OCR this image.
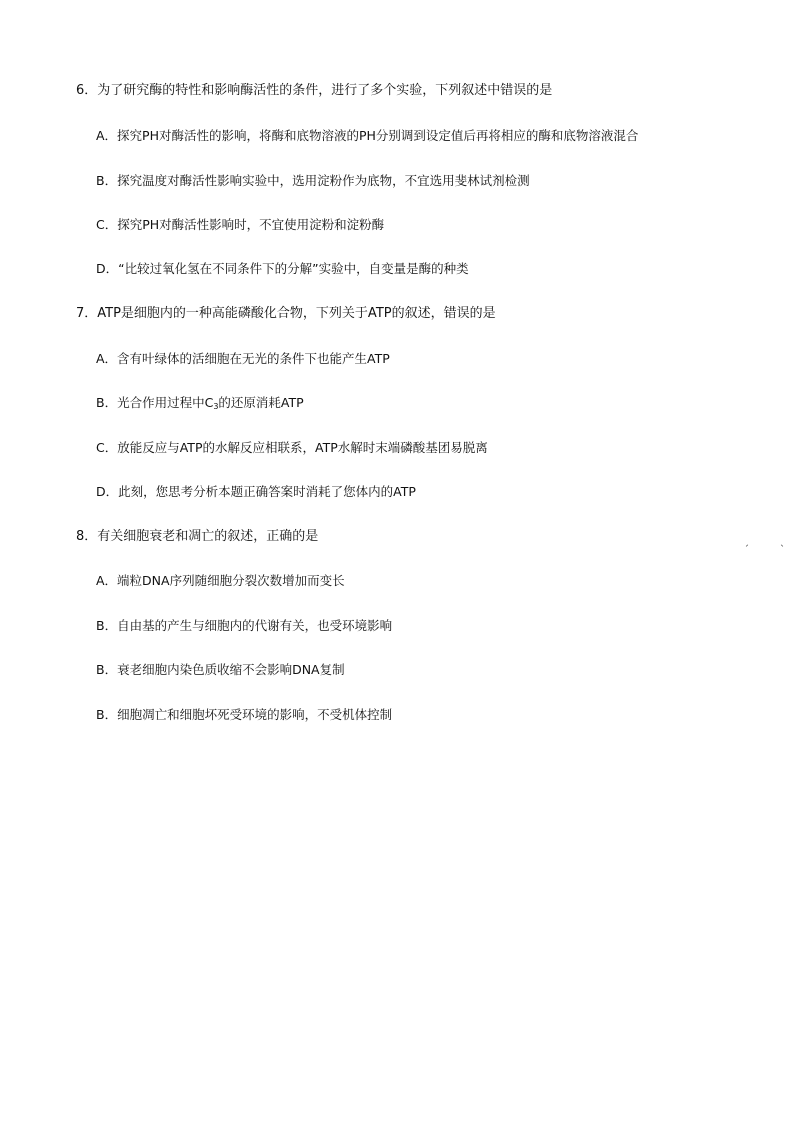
6．为了研究酶的特性和影响酶活性的条件，进行了多个实验，下列叙述中错误的是
A．探究PH对酶活性的影响，将酶和底物溶液的PH分别调到设定值后再将相应的酶和底物溶液混合
B．探究温度对酶活性影响实验中，选用淀粉作为底物，不宜选用斐林试剂检测
C．探究PH对酶活性影响时，不宜使用淀粉和淀粉酶
D．“比较过氧化氢在不同条件下的分解”实验中，自变量是酶的种类
7．ATP是细胞内的一种高能磷酸化合物，下列关于ATP的叙述，错误的是
A．含有叶绿体的活细胞在无光的条件下也能产生ATP
B．光合作用过程中$C_3$的还原消耗ATP
C．放能反应与ATP的水解反应相联系，ATP水解时末端磷酸基团易脱离
D．此刻，您思考分析本题正确答案时消耗了您体内的ATP
8．有关细胞衰老和凋亡的叙述，正确的是	ˏ	ˎ
A．端粒DNA序列随细胞分裂次数增加而变长
B．自由基的产生与细胞内的代谢有关，也受环境影响
B．衰老细胞内染色质收缩不会影响DNA复制
B．细胞凋亡和细胞坏死受环境的影响，不受机体控制
